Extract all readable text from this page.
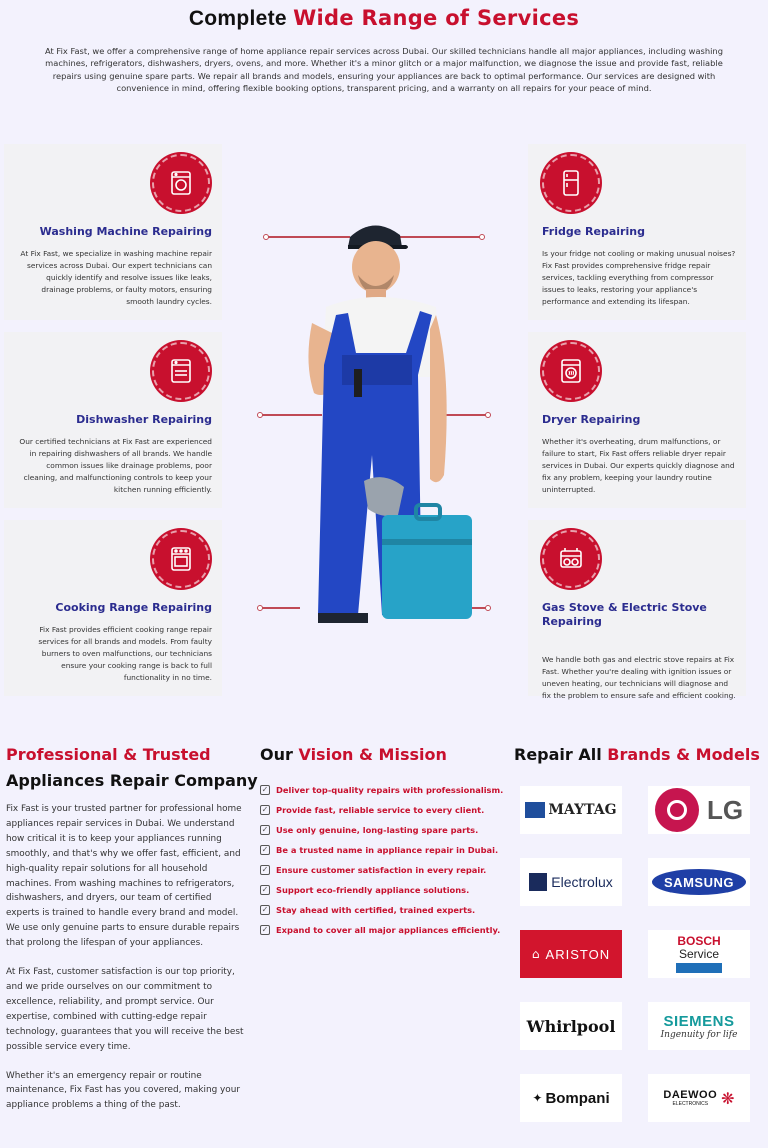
Complete Wide Range of Services

At Fix Fast, we offer a comprehensive range of home appliance repair services across Dubai. Our skilled technicians handle all major appliances, including washing machines, refrigerators, dishwashers, dryers, ovens, and more. Whether it's a minor glitch or a major malfunction, we diagnose the issue and provide fast, reliable repairs using genuine spare parts. We repair all brands and models, ensuring your appliances are back to optimal performance. Our services are designed with convenience in mind, offering flexible booking options, transparent pricing, and a warranty on all repairs for your peace of mind.

Washing Machine Repairing

At Fix Fast, we specialize in washing machine repair services across Dubai. Our expert technicians can quickly identify and resolve issues like leaks, drainage problems, or faulty motors, ensuring smooth laundry cycles.

Dishwasher Repairing

Our certified technicians at Fix Fast are experienced in repairing dishwashers of all brands. We handle common issues like drainage problems, poor cleaning, and malfunctioning controls to keep your kitchen running efficiently.

Cooking Range Repairing

Fix Fast provides efficient cooking range repair services for all brands and models. From faulty burners to oven malfunctions, our technicians ensure your cooking range is back to full functionality in no time.

Fridge Repairing

Is your fridge not cooling or making unusual noises? Fix Fast provides comprehensive fridge repair services, tackling everything from compressor issues to leaks, restoring your appliance's performance and extending its lifespan.

Dryer Repairing

Whether it's overheating, drum malfunctions, or failure to start, Fix Fast offers reliable dryer repair services in Dubai. Our experts quickly diagnose and fix any problem, keeping your laundry routine uninterrupted.

Gas Stove & Electric Stove Repairing

We handle both gas and electric stove repairs at Fix Fast. Whether you're dealing with ignition issues or uneven heating, our technicians will diagnose and fix the problem to ensure safe and efficient cooking.

Professional & Trusted
Appliances Repair Company

Fix Fast is your trusted partner for professional home appliances repair services in Dubai. We understand how critical it is to keep your appliances running smoothly, and that's why we offer fast, efficient, and high-quality repair solutions for all household machines. From washing machines to refrigerators, dishwashers, and dryers, our team of certified experts is trained to handle every brand and model. We use only genuine parts to ensure durable repairs that prolong the lifespan of your appliances.

At Fix Fast, customer satisfaction is our top priority, and we pride ourselves on our commitment to excellence, reliability, and prompt service. Our expertise, combined with cutting-edge repair technology, guarantees that you will receive the best possible service every time.

Whether it's an emergency repair or routine maintenance, Fix Fast has you covered, making your appliance problems a thing of the past.

Our Vision & Mission
✓ Deliver top-quality repairs with professionalism.
✓ Provide fast, reliable service to every client.
✓ Use only genuine, long-lasting spare parts.
✓ Be a trusted name in appliance repair in Dubai.
✓ Ensure customer satisfaction in every repair.
✓ Support eco-friendly appliance solutions.
✓ Stay ahead with certified, trained experts.
✓ Expand to cover all major appliances efficiently.
Repair All Brands & Models
MAYTAG	LG
Electrolux	SAMSUNG
⌂ ARISTON
BOSCH
Service
Whirlpool	SIEMENS
Ingenuity for life
✦ Bompani	DAEWOO
ELECTRONICS ❋
